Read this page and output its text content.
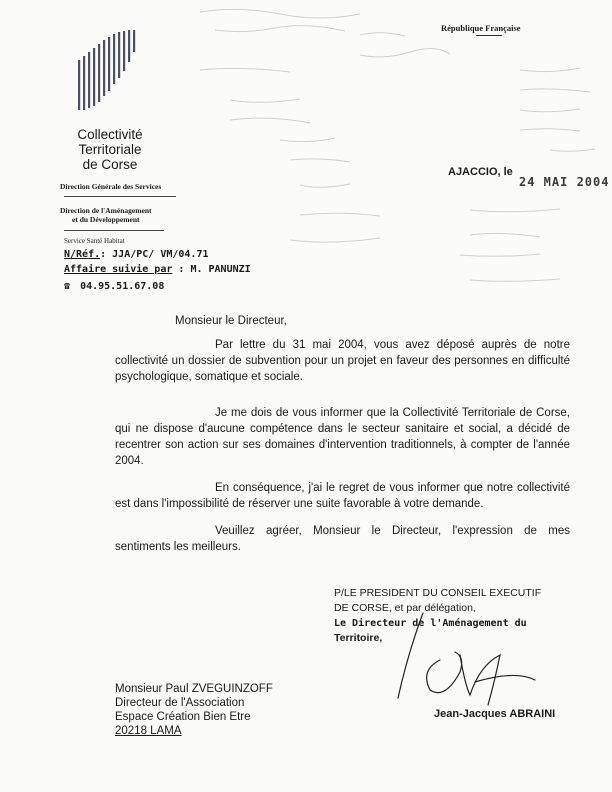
Collectivité
Territoriale
de Corse
Direction Générale des Services
Direction de l'Aménagement
et du Développement
Service Santé Habitat
N/Réf.: JJA/PC/ VM/04.71
Affaire suivie par : M. PANUNZI
☎ 04.95.51.67.08
République Française
AJACCIO, le
24 MAI 2004
Monsieur le Directeur,
Par lettre du 31 mai 2004, vous avez déposé auprès de notre collectivité un dossier de subvention pour un projet en faveur des personnes en difficulté psychologique, somatique et sociale.
Je me dois de vous informer que la Collectivité Territoriale de Corse, qui ne dispose d'aucune compétence dans le secteur sanitaire et social, a décidé de recentrer son action sur ses domaines d'intervention traditionnels, à compter de l'année 2004.
En conséquence, j'ai le regret de vous informer que notre collectivité est dans l'impossibilité de réserver une suite favorable à votre demande.
Veuillez agréer, Monsieur le Directeur, l'expression de mes sentiments les meilleurs.
P/LE PRESIDENT DU CONSEIL EXECUTIF
DE CORSE, et par délégation,
Le Directeur de l'Aménagement du
Territoire,
Jean-Jacques ABRAINI
Monsieur Paul ZVEGUINZOFF
Directeur de l'Association
Espace Création Bien Etre
20218 LAMA
